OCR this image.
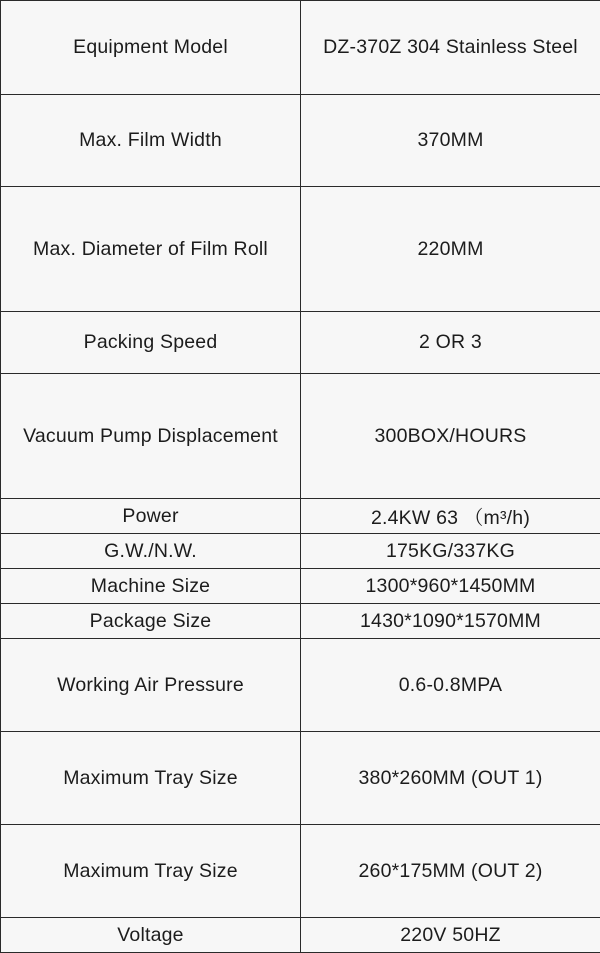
Equipment Model	DZ-370Z 304 Stainless Steel
Max. Film Width	370MM
Max. Diameter of Film Roll	220MM
Packing Speed	2 OR 3
Vacuum Pump Displacement	300BOX/HOURS
Power	2.4KW 63 （m³/h)
G.W./N.W.	175KG/337KG
Machine Size	1300*960*1450MM
Package Size	1430*1090*1570MM
Working Air Pressure	0.6-0.8MPA
Maximum Tray Size	380*260MM (OUT 1)
Maximum Tray Size	260*175MM (OUT 2)
Voltage	220V 50HZ
